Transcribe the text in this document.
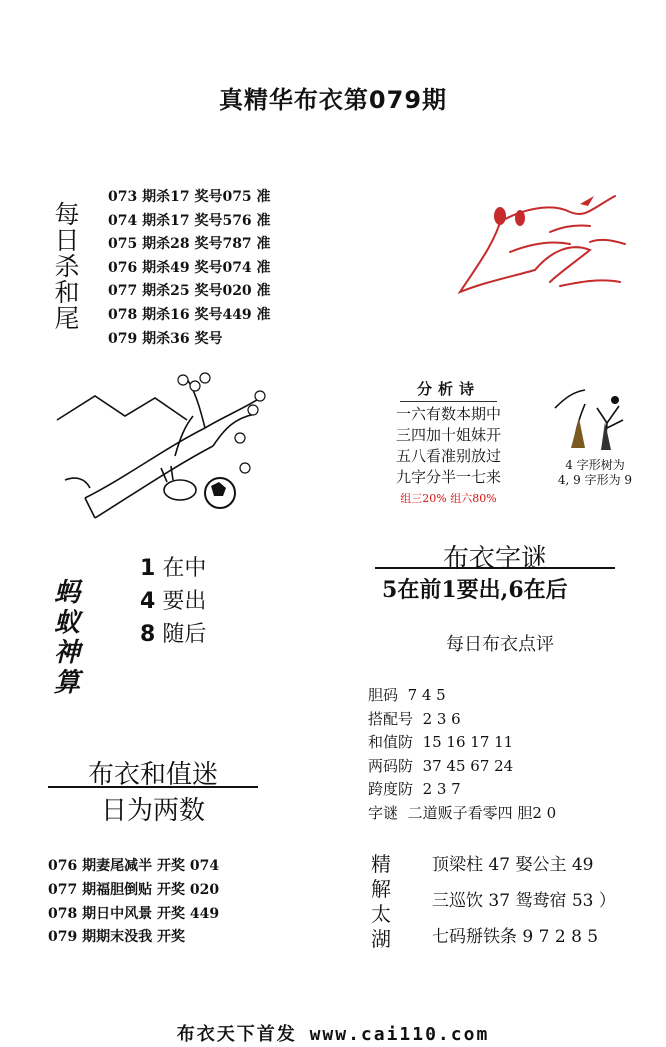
真精华布衣第079期
每
日
杀
和
尾
073 期杀17 奖号075 准
074 期杀17 奖号576 准
075 期杀28 奖号787 准
076 期杀49 奖号074 准
077 期杀25 奖号020 准
078 期杀16 奖号449 准
079 期杀36 奖号
分析诗
一六有数本期中
三四加十姐妹开
五八看准别放过
九字分半一七来
组三20% 组六80%
4 字形树为
4, 9 字形为 9
蚂
蚁
神
算
1 在中
4 要出
8 随后
布衣字谜
5在前1要出,6在后
每日布衣点评
胆码 7 4 5
搭配号 2 3 6
和值防 15 16 17 11
两码防 37 45 67 24
跨度防 2 3 7
字谜 二道贩子看零四 胆2 0
布衣和值迷
日为两数
076 期妻尾减半 开奖 074
077 期福胆倒贴 开奖 020
078 期日中风景 开奖 449
079 期期末没我 开奖
精
解
太
湖
顶梁柱 47 娶公主 49
三巡饮 37 鸳鸯宿 53 ）
七码掰铁条 9 7 2 8 5
布衣天下首发 www.cai110.com
